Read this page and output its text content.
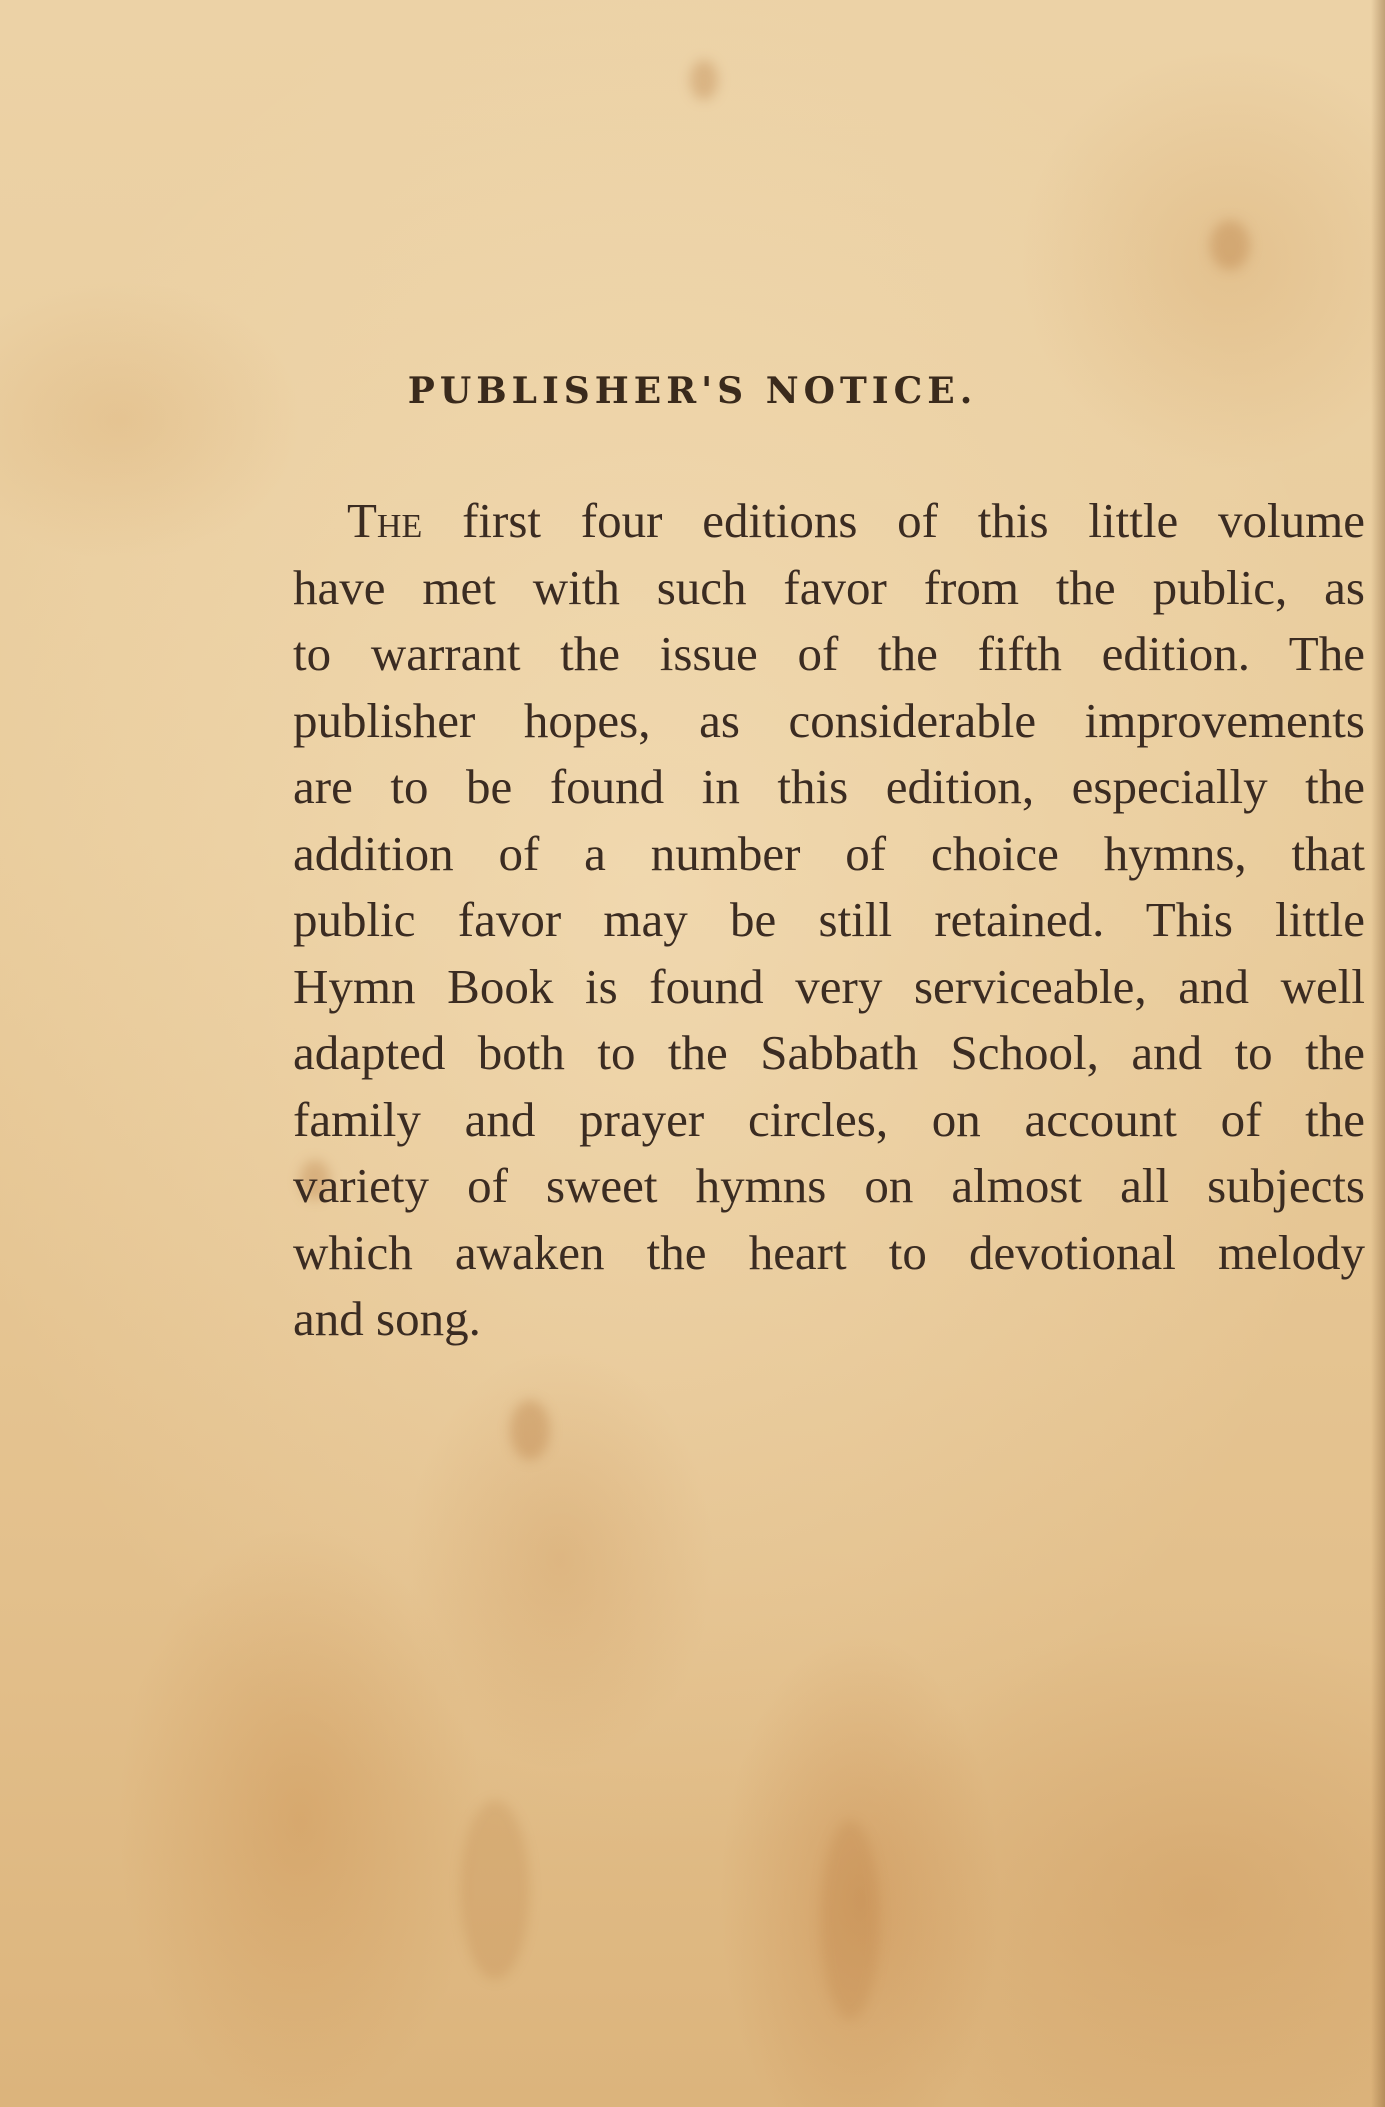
PUBLISHER'S NOTICE.
The first four editions of this little volume
have met with such favor from the public, as
to warrant the issue of the fifth edition. The
publisher hopes, as considerable improvements
are to be found in this edition, especially the
addition of a number of choice hymns, that
public favor may be still retained. This little
Hymn Book is found very serviceable, and well
adapted both to the Sabbath School, and to the
family and prayer circles, on account of the
variety of sweet hymns on almost all subjects
which awaken the heart to devotional melody
and song.
